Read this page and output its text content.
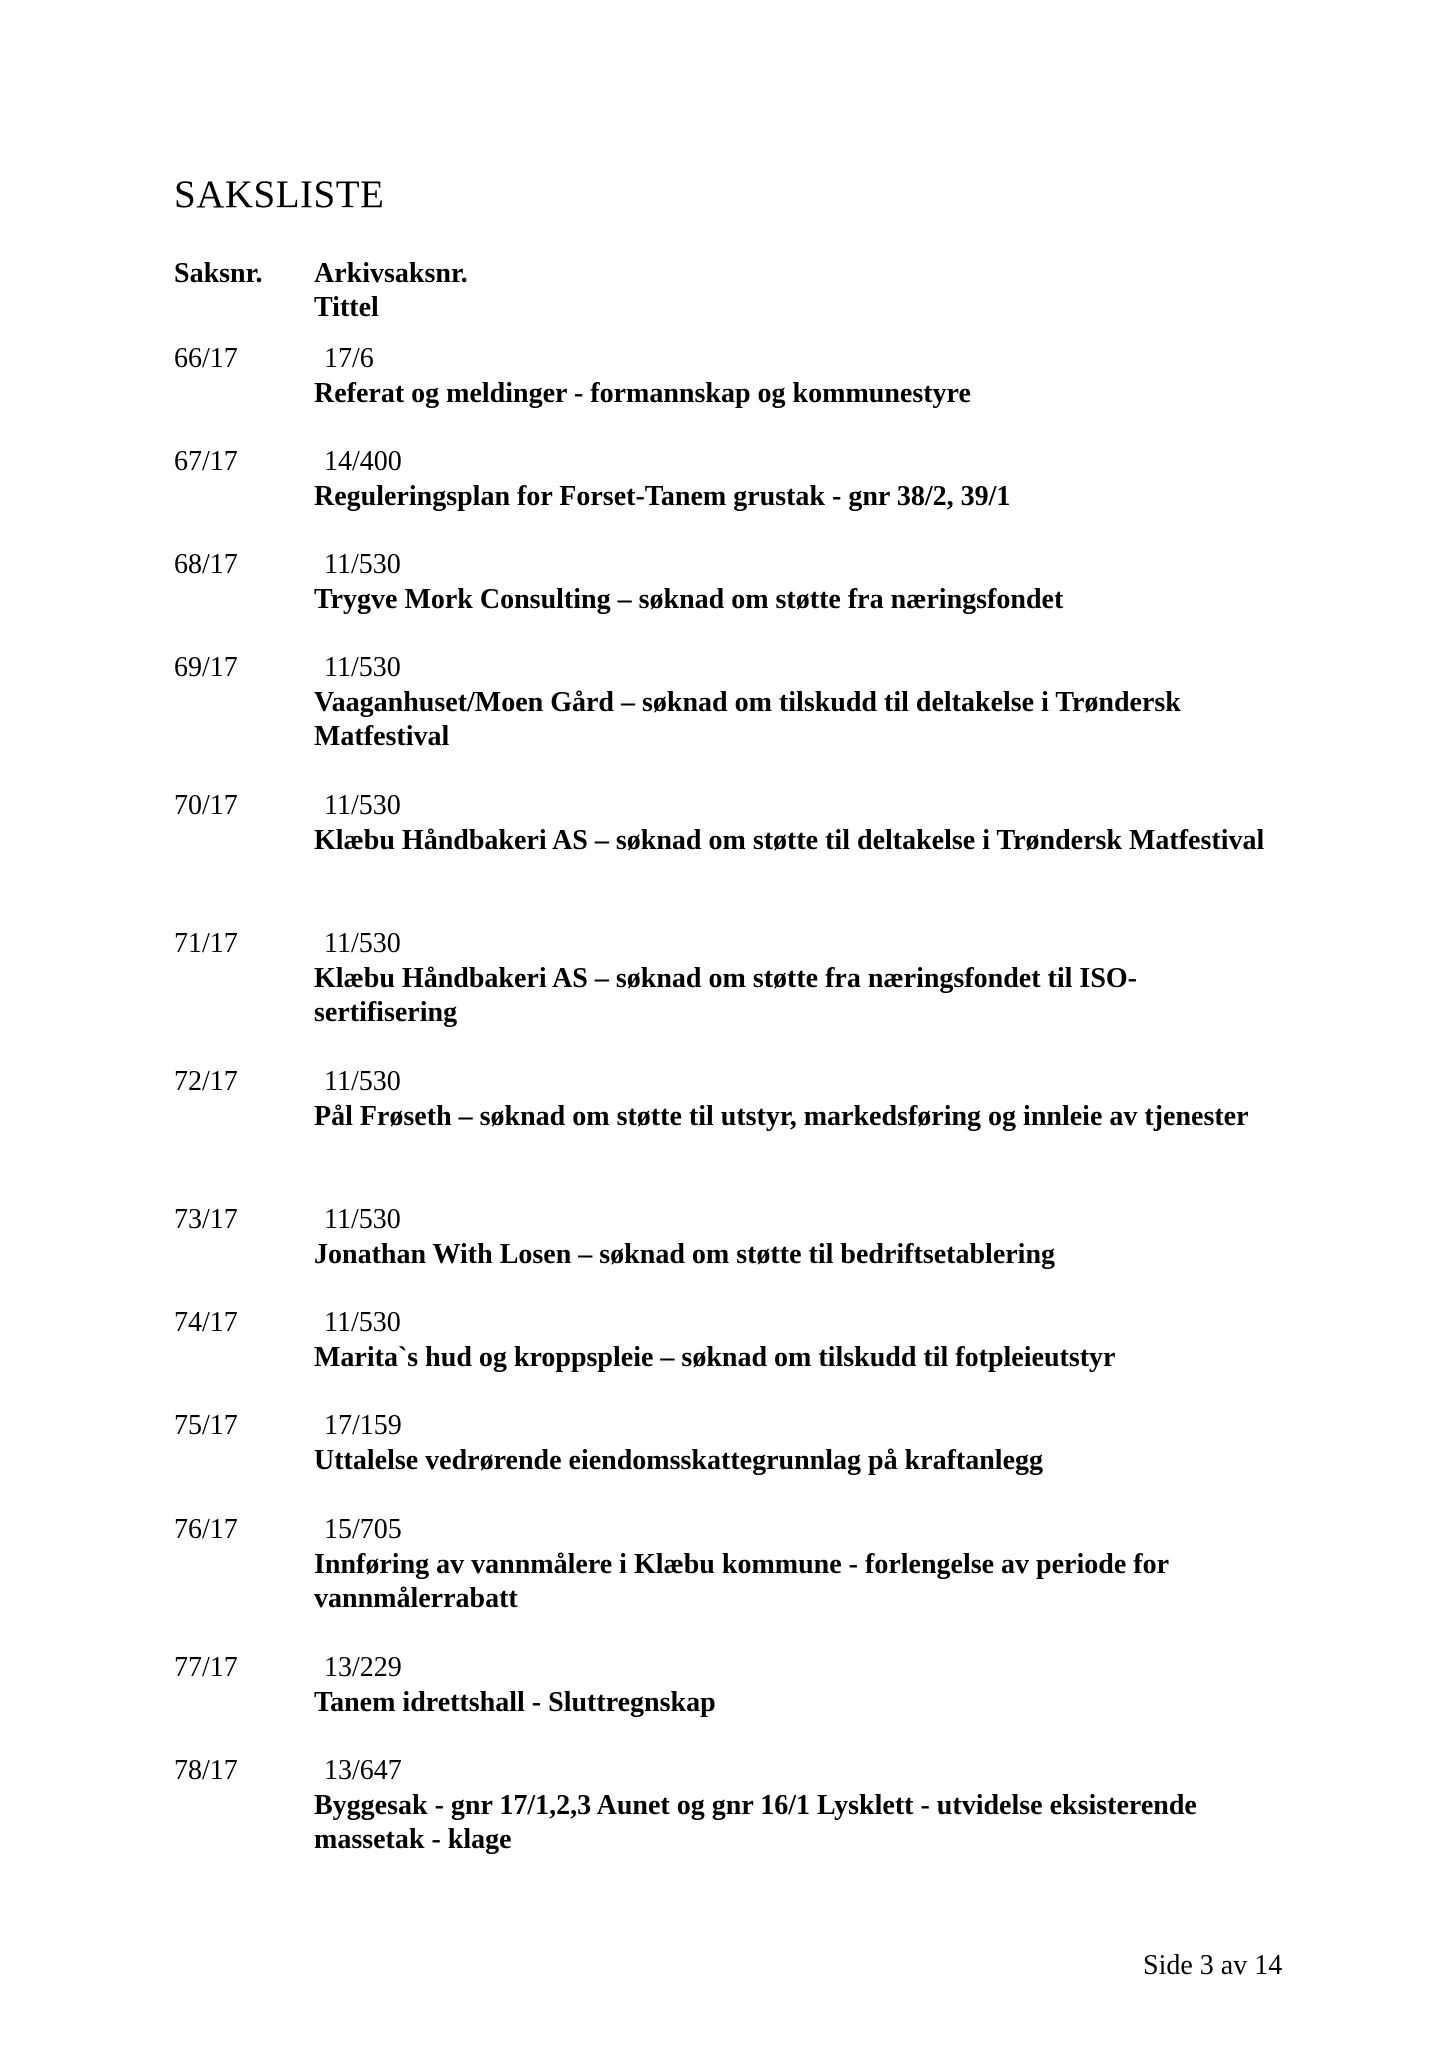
SAKSLISTE
Saksnr. Arkivsaksnr.
Tittel
66/17	17/6
Referat og meldinger - formannskap og kommunestyre
67/17	14/400
Reguleringsplan for Forset-Tanem grustak - gnr 38/2, 39/1
68/17	11/530
Trygve Mork Consulting – søknad om støtte fra næringsfondet
69/17	11/530
Vaaganhuset/Moen Gård – søknad om tilskudd til deltakelse i Trøndersk Matfestival
70/17	11/530
Klæbu Håndbakeri AS – søknad om støtte til deltakelse i Trøndersk Matfestival
71/17	11/530
Klæbu Håndbakeri AS – søknad om støtte fra næringsfondet til ISO-sertifisering
72/17	11/530
Pål Frøseth – søknad om støtte til utstyr, markedsføring og innleie av tjenester
73/17	11/530
Jonathan With Losen – søknad om støtte til bedriftsetablering
74/17	11/530
Marita`s hud og kroppspleie – søknad om tilskudd til fotpleieutstyr
75/17	17/159
Uttalelse vedrørende eiendomsskattegrunnlag på kraftanlegg
76/17	15/705
Innføring av vannmålere i Klæbu kommune - forlengelse av periode for vannmålerrabatt
77/17	13/229
Tanem idrettshall - Sluttregnskap
78/17	13/647
Byggesak - gnr 17/1,2,3 Aunet og gnr 16/1 Lysklett - utvidelse eksisterende massetak - klage
Side 3 av 14
